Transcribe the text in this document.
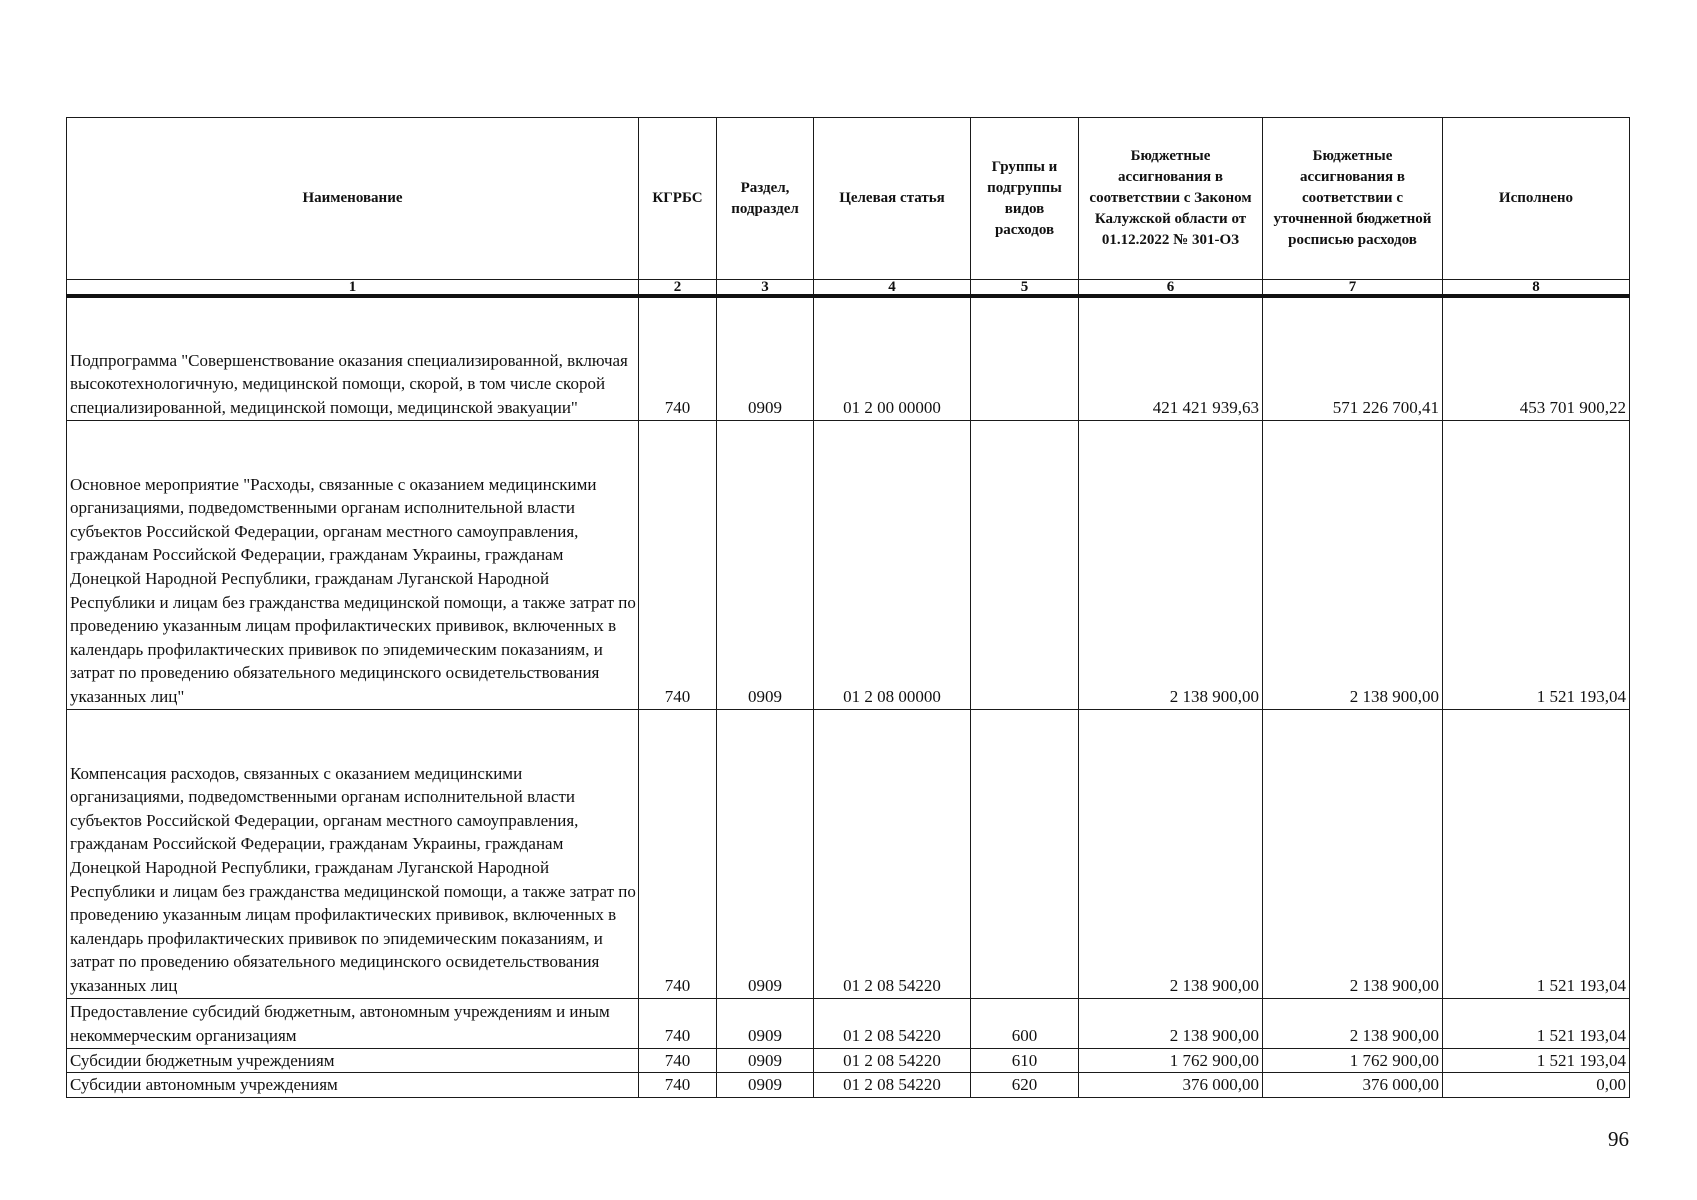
Наименование	КГРБС	Раздел, подраздел	Целевая статья	Группы и подгруппы видов расходов	Бюджетные ассигнования в соответствии с Законом Калужской области от 01.12.2022 № 301-ОЗ	Бюджетные ассигнования в соответствии с уточненной бюджетной росписью расходов	Исполнено
1	2	3	4	5	6	7	8

Подпрограмма "Совершенствование оказания специализированной, включая высокотехнологичную, медицинской помощи, скорой, в том числе скорой специализированной, медицинской помощи, медицинской эвакуации"	740	0909	01 2 00 00000		421 421 939,63	571 226 700,41	453 701 900,22

Основное мероприятие "Расходы, связанные с оказанием медицинскими организациями, подведомственными органам исполнительной власти субъектов Российской Федерации, органам местного самоуправления, гражданам Российской Федерации, гражданам Украины, гражданам Донецкой Народной Республики, гражданам Луганской Народной Республики и лицам без гражданства медицинской помощи, а также затрат по проведению указанным лицам профилактических прививок, включенных в календарь профилактических прививок по эпидемическим показаниям, и затрат по проведению обязательного медицинского освидетельствования указанных лиц"	740	0909	01 2 08 00000		2 138 900,00	2 138 900,00	1 521 193,04

Компенсация расходов, связанных с оказанием медицинскими организациями, подведомственными органам исполнительной власти субъектов Российской Федерации, органам местного самоуправления, гражданам Российской Федерации, гражданам Украины, гражданам Донецкой Народной Республики, гражданам Луганской Народной Республики и лицам без гражданства медицинской помощи, а также затрат по проведению указанным лицам профилактических прививок, включенных в календарь профилактических прививок по эпидемическим показаниям, и затрат по проведению обязательного медицинского освидетельствования указанных лиц	740	0909	01 2 08 54220		2 138 900,00	2 138 900,00	1 521 193,04

Предоставление субсидий бюджетным, автономным учреждениям и иным некоммерческим организациям	740	0909	01 2 08 54220	600	2 138 900,00	2 138 900,00	1 521 193,04

Субсидии бюджетным учреждениям	740	0909	01 2 08 54220	610	1 762 900,00	1 762 900,00	1 521 193,04

Субсидии автономным учреждениям	740	0909	01 2 08 54220	620	376 000,00	376 000,00	0,00
96
